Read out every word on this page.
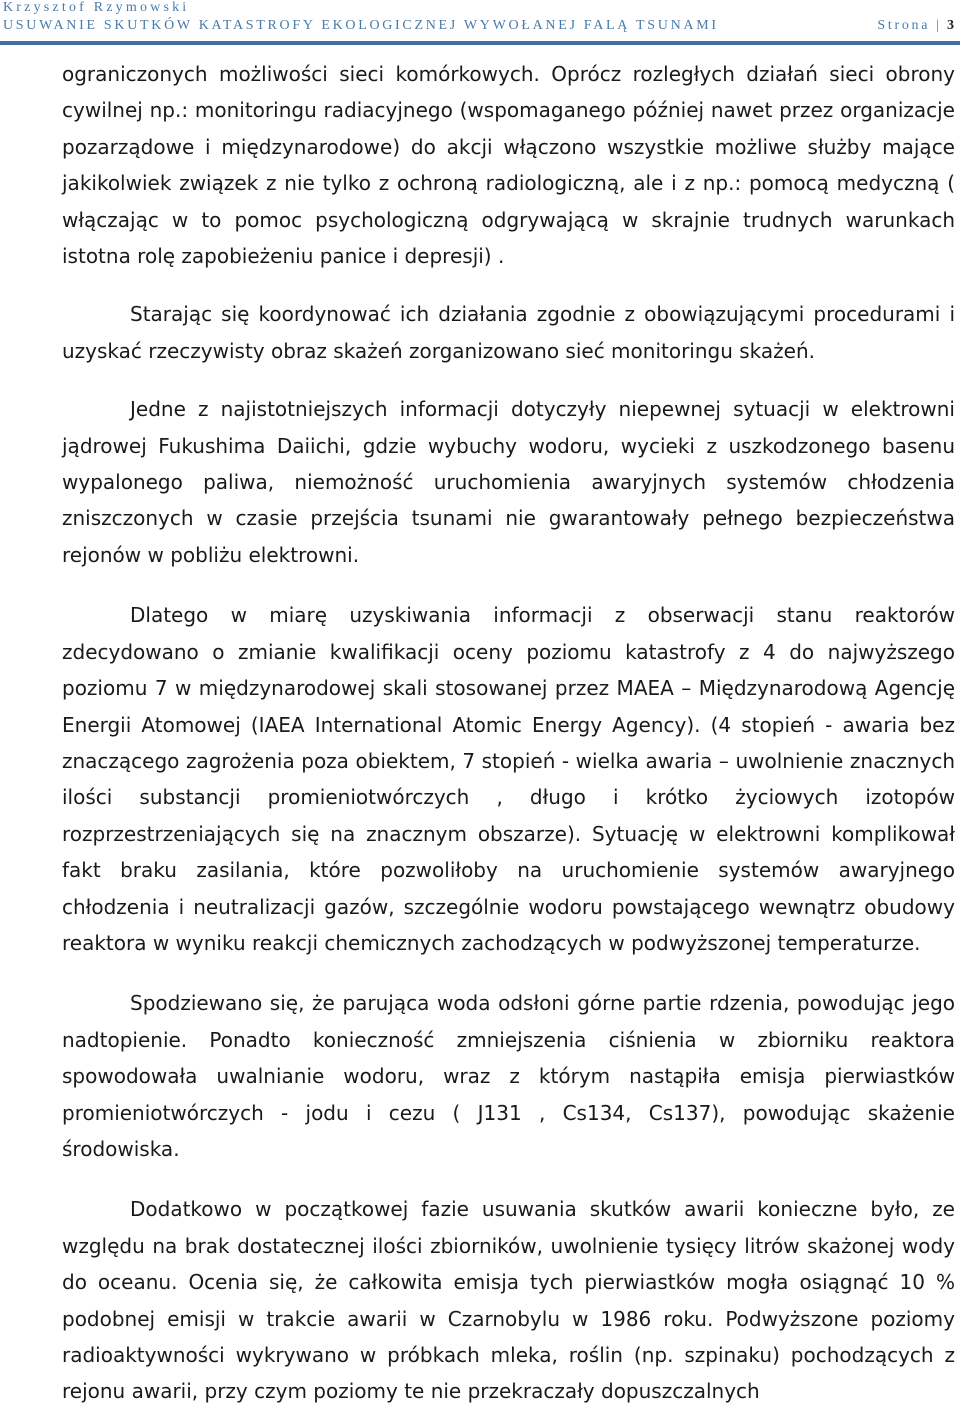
Krzysztof Rzymowski
USUWANIE SKUTKÓW KATASTROFY EKOLOGICZNEJ WYWOŁANEJ FALĄ TSUNAMI	Strona | 3

ograniczonych możliwości sieci komórkowych. Oprócz rozległych działań sieci obrony cywilnej np.: monitoringu radiacyjnego (wspomaganego później nawet przez organizacje pozarządowe i międzynarodowe) do akcji włączono wszystkie możliwe służby mające jakikolwiek związek z nie tylko z ochroną radiologiczną, ale i z np.: pomocą medyczną ( włączając w to pomoc psychologiczną odgrywającą w skrajnie trudnych warunkach istotna rolę zapobieżeniu panice i depresji) .

Starając się koordynować ich działania zgodnie z obowiązującymi procedurami i uzyskać rzeczywisty obraz skażeń zorganizowano sieć monitoringu skażeń.

Jedne z najistotniejszych informacji dotyczyły niepewnej sytuacji w elektrowni jądrowej Fukushima Daiichi, gdzie wybuchy wodoru, wycieki z uszkodzonego basenu wypalonego paliwa, niemożność uruchomienia awaryjnych systemów chłodzenia zniszczonych w czasie przejścia tsunami nie gwarantowały pełnego bezpieczeństwa rejonów w pobliżu elektrowni.

Dlatego w miarę uzyskiwania informacji z obserwacji stanu reaktorów zdecydowano o zmianie kwalifikacji oceny poziomu katastrofy z 4 do najwyższego poziomu 7 w międzynarodowej skali stosowanej przez MAEA – Międzynarodową Agencję Energii Atomowej (IAEA International Atomic Energy Agency). (4 stopień - awaria bez znaczącego zagrożenia poza obiektem, 7 stopień - wielka awaria – uwolnienie znacznych ilości substancji promieniotwórczych , długo i krótko życiowych izotopów rozprzestrzeniających się na znacznym obszarze). Sytuację w elektrowni komplikował fakt braku zasilania, które pozwoliłoby na uruchomienie systemów awaryjnego chłodzenia i neutralizacji gazów, szczególnie wodoru powstającego wewnątrz obudowy reaktora w wyniku reakcji chemicznych zachodzących w podwyższonej temperaturze.

Spodziewano się, że parująca woda odsłoni górne partie rdzenia, powodując jego nadtopienie. Ponadto konieczność zmniejszenia ciśnienia w zbiorniku reaktora spowodowała uwalnianie wodoru, wraz z którym nastąpiła emisja pierwiastków promieniotwórczych - jodu i cezu ( J131 , Cs134, Cs137), powodując skażenie środowiska.

Dodatkowo w początkowej fazie usuwania skutków awarii konieczne było, ze względu na brak dostatecznej ilości zbiorników, uwolnienie tysięcy litrów skażonej wody do oceanu. Ocenia się, że całkowita emisja tych pierwiastków mogła osiągnąć 10 % podobnej emisji w trakcie awarii w Czarnobylu w 1986 roku. Podwyższone poziomy radioaktywności wykrywano w próbkach mleka, roślin (np. szpinaku) pochodzących z rejonu awarii, przy czym poziomy te nie przekraczały dopuszczalnych
